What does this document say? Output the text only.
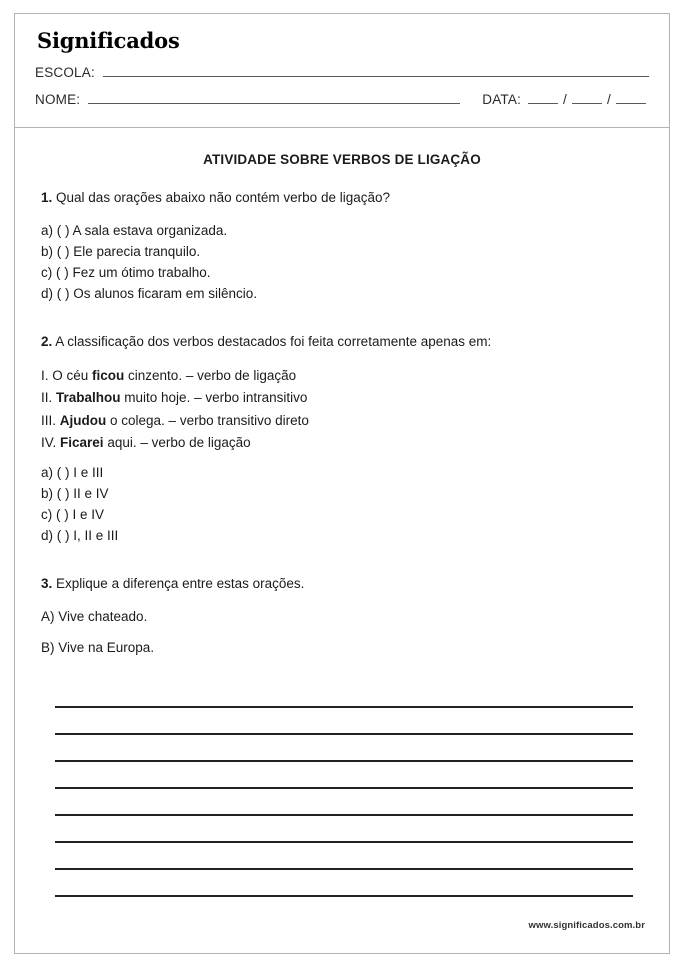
Significados
ESCOLA:
NOME:	DATA:	/	/
ATIVIDADE SOBRE VERBOS DE LIGAÇÃO

1. Qual das orações abaixo não contém verbo de ligação?

a) ( ) A sala estava organizada.

b) ( ) Ele parecia tranquilo.

c) ( ) Fez um ótimo trabalho.

d) ( ) Os alunos ficaram em silêncio.

2. A classificação dos verbos destacados foi feita corretamente apenas em:

I. O céu ficou cinzento. – verbo de ligação

II. Trabalhou muito hoje. – verbo intransitivo

III. Ajudou o colega. – verbo transitivo direto

IV. Ficarei aqui. – verbo de ligação

a) ( ) I e III

b) ( ) II e IV

c) ( ) I e IV

d) ( ) I, II e III

3. Explique a diferença entre estas orações.

A) Vive chateado.

B) Vive na Europa.

www.significados.com.br
